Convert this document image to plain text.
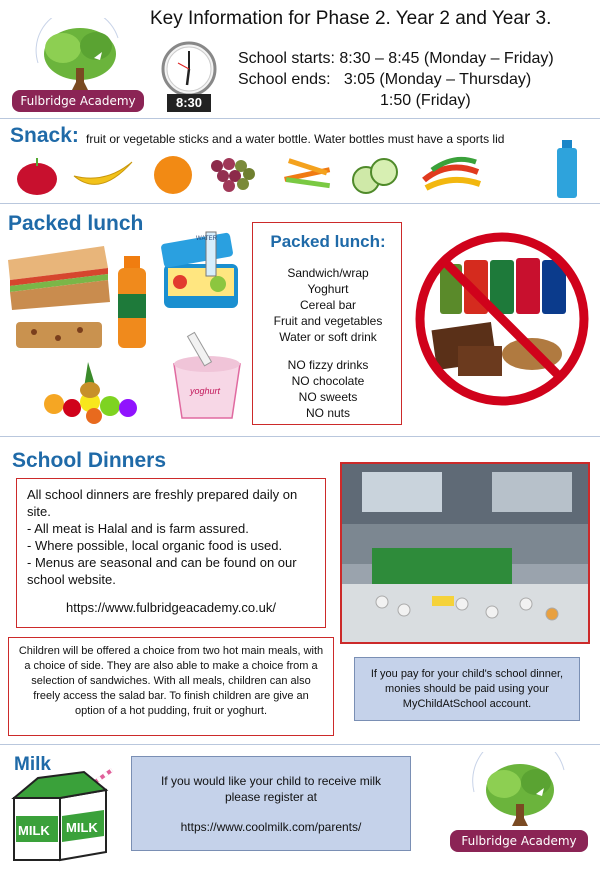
Key Information for Phase 2. Year 2 and Year 3.
Fulbridge Academy	8:30
School starts: 8:30 – 8:45 (Monday – Friday)
School ends:   3:05 (Monday – Thursday)
1:50 (Friday)
Snack: fruit or vegetable sticks and a water bottle. Water bottles must have a sports lid
Packed lunch
WATER
yoghurt
Packed lunch:
Sandwich/wrap
Yoghurt
Cereal bar
Fruit and vegetables
Water or soft drink
NO fizzy drinks
NO chocolate
NO sweets
NO nuts
School Dinners
All school dinners are freshly prepared daily on site.
- All meat is Halal and is farm assured.
- Where possible, local organic food is used.
- Menus are seasonal and can be found on our school website.
https://www.fulbridgeacademy.co.uk/
Children will be offered a choice from two hot main meals, with a choice of side. They are also able to make a choice from a selection of sandwiches. With all meals, children can also freely access the salad bar. To finish children are give an option of a hot pudding, fruit or yoghurt.
If you pay for your child's school dinner, monies should be paid using your MyChildAtSchool account.
Milk
MILK MILK
If you would like your child to receive milk please register at
https://www.coolmilk.com/parents/
Fulbridge Academy
